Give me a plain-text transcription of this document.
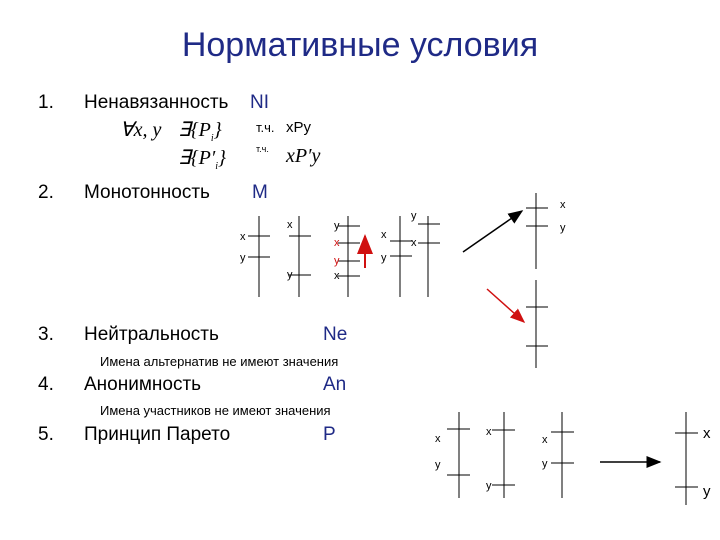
Нормативные условия
1. Ненавязанность NI
∀x, y $\exists\{P_i\}$	т.ч. xPy
$\exists\{P'_i\}$	т.ч. xP′y
2. Монотонность M
3. Нейтральность	Ne
Имена альтернатив не имеют значения
4. Анонимность	An
Имена участников не имеют значения
5. Принцип Парето	P
x
y
x
y
y
x
y
x
x
y
y
x
x
y
x
y
x
y
x
y
x
y
